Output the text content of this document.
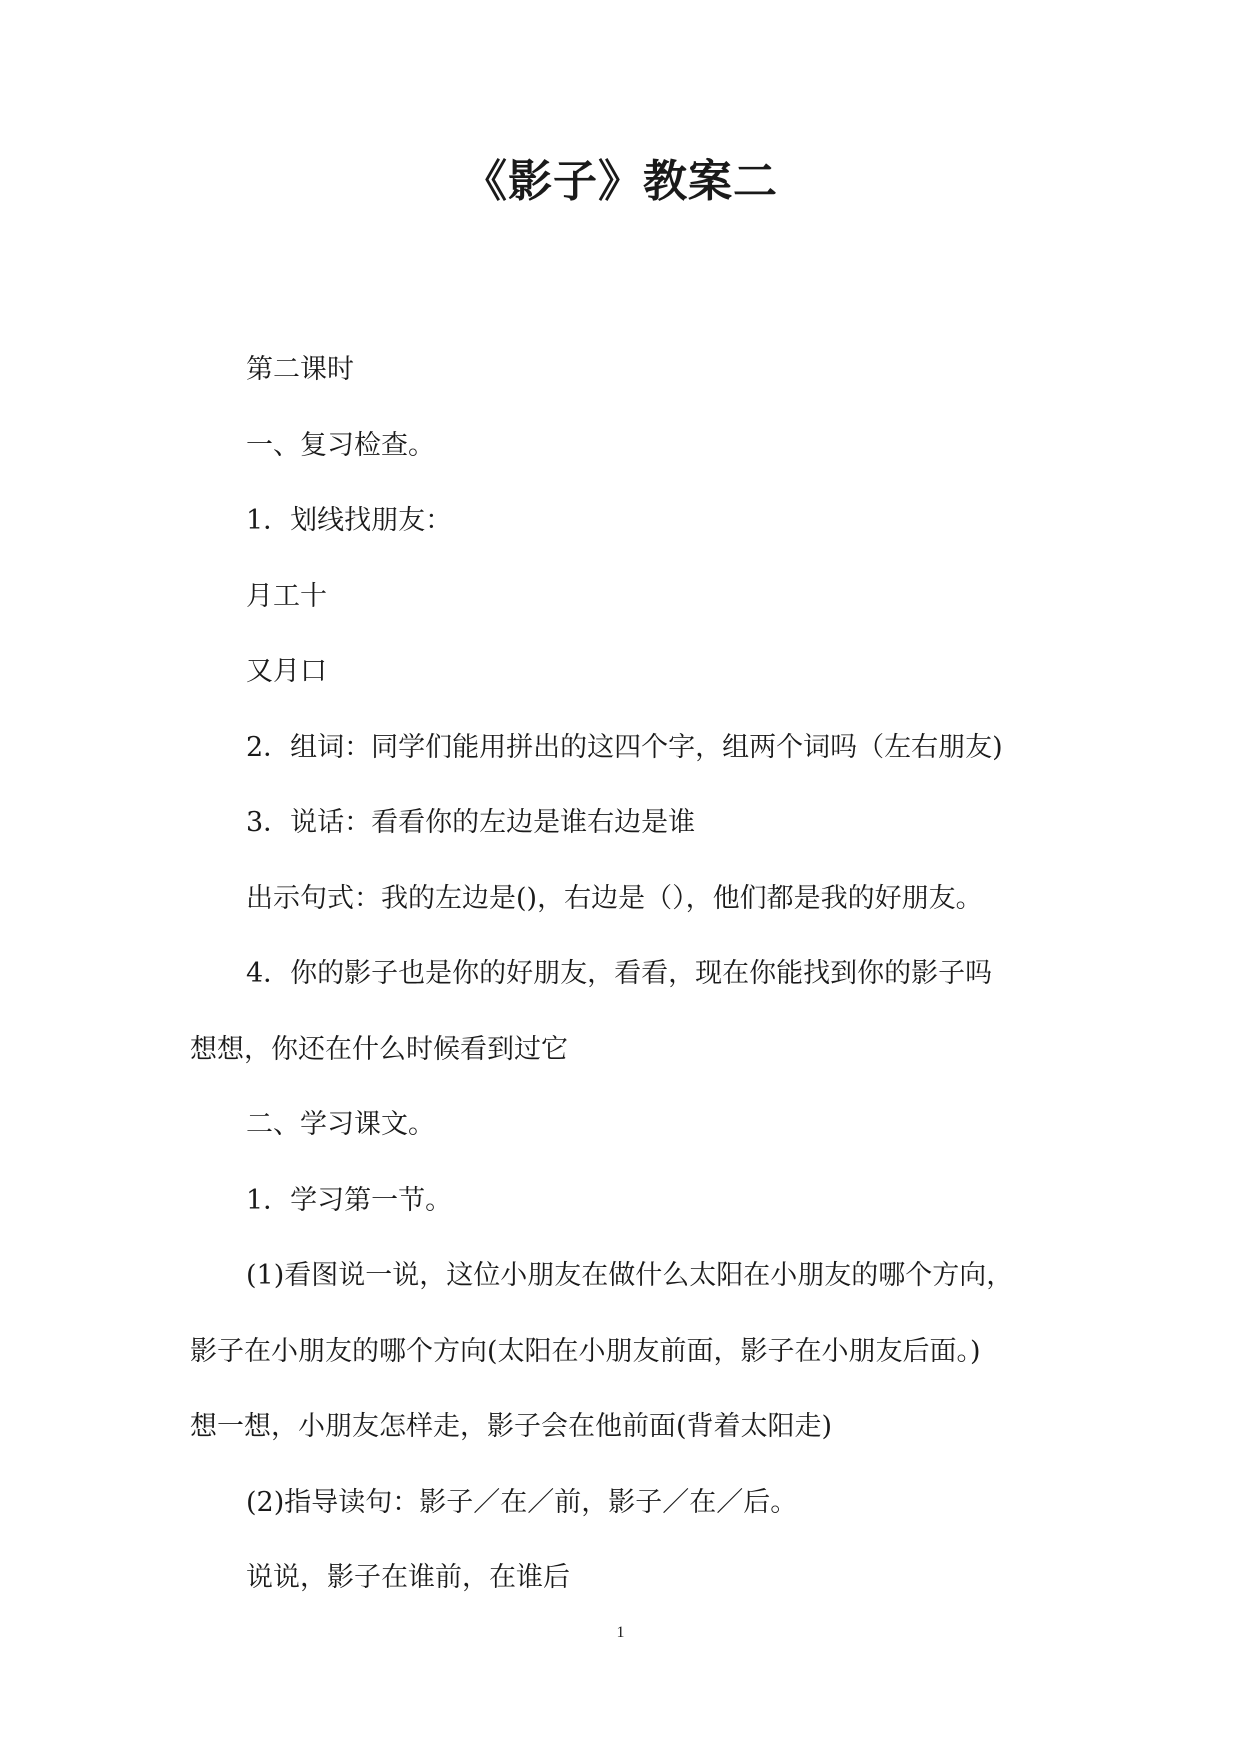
《影子》教案二

第二课时

一、复习检查。

1．划线找朋友：

月工十

又月口

2．组词：同学们能用拼出的这四个字，组两个词吗（左右朋友)

3．说话：看看你的左边是谁右边是谁

出示句式：我的左边是()，右边是（），他们都是我的好朋友。

4．你的影子也是你的好朋友，看看，现在你能找到你的影子吗

想想，你还在什么时候看到过它

二、学习课文。

1．学习第一节。

(1)看图说一说，这位小朋友在做什么太阳在小朋友的哪个方向，

影子在小朋友的哪个方向(太阳在小朋友前面，影子在小朋友后面。)

想一想，小朋友怎样走，影子会在他前面(背着太阳走)

(2)指导读句：影子／在／前，影子／在／后。

说说，影子在谁前，在谁后

1
